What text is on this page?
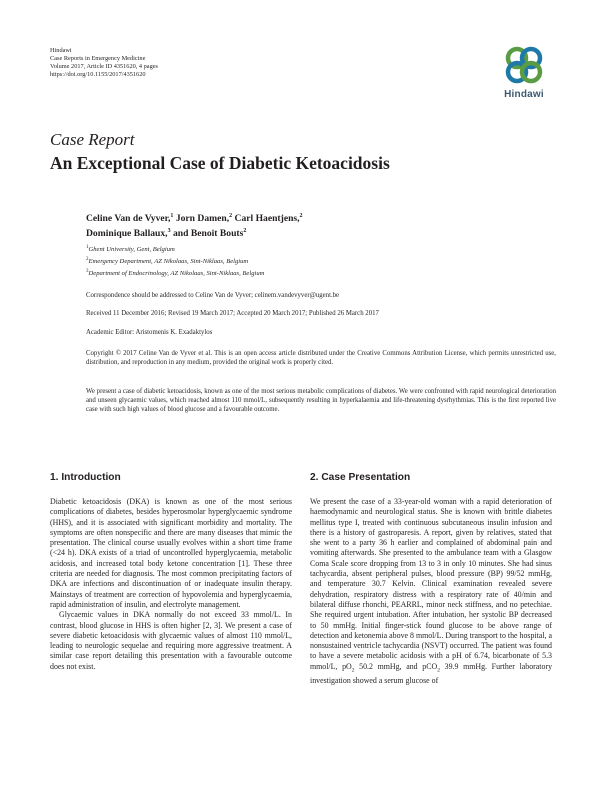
Hindawi
Case Reports in Emergency Medicine
Volume 2017, Article ID 4351620, 4 pages
https://doi.org/10.1155/2017/4351620
Hindawi
Case Report
An Exceptional Case of Diabetic Ketoacidosis
Celine Van de Vyver,$^1$ Jorn Damen,$^2$ Carl Haentjens,$^2$
Dominique Ballaux,$^3$ and Benoit Bouts$^2$
$^1$Ghent University, Gent, Belgium
$^2$Emergency Department, AZ Nikolaas, Sint-Niklaas, Belgium
$^3$Department of Endocrinology, AZ Nikolaas, Sint-Niklaas, Belgium
Correspondence should be addressed to Celine Van de Vyver; celinem.vandevyver@ugent.be
Received 11 December 2016; Revised 19 March 2017; Accepted 20 March 2017; Published 26 March 2017
Academic Editor: Aristomenis K. Exadaktylos
Copyright © 2017 Celine Van de Vyver et al. This is an open access article distributed under the Creative Commons Attribution License, which permits unrestricted use, distribution, and reproduction in any medium, provided the original work is properly cited.
We present a case of diabetic ketoacidosis, known as one of the most serious metabolic complications of diabetes. We were confronted with rapid neurological deterioration and unseen glycaemic values, which reached almost 110 mmol/L, subsequently resulting in hyperkalaemia and life-threatening dysrhythmias. This is the first reported live case with such high values of blood glucose and a favourable outcome.
1. Introduction

Diabetic ketoacidosis (DKA) is known as one of the most serious complications of diabetes, besides hyperosmolar hyperglycaemic syndrome (HHS), and it is associated with significant morbidity and mortality. The symptoms are often nonspecific and there are many diseases that mimic the presentation. The clinical course usually evolves within a short time frame (<24 h). DKA exists of a triad of uncontrolled hyperglycaemia, metabolic acidosis, and increased total body ketone concentration [1]. These three criteria are needed for diagnosis. The most common precipitating factors of DKA are infections and discontinuation of or inadequate insulin therapy. Mainstays of treatment are correction of hypovolemia and hyperglycaemia, rapid administration of insulin, and electrolyte management.

Glycaemic values in DKA normally do not exceed 33 mmol/L. In contrast, blood glucose in HHS is often higher [2, 3]. We present a case of severe diabetic ketoacidosis with glycaemic values of almost 110 mmol/L, leading to neurologic sequelae and requiring more aggressive treatment. A similar case report detailing this presentation with a favourable outcome does not exist.

2. Case Presentation

We present the case of a 33-year-old woman with a rapid deterioration of haemodynamic and neurological status. She is known with brittle diabetes mellitus type I, treated with continuous subcutaneous insulin infusion and there is a history of gastroparesis. A report, given by relatives, stated that she went to a party 36 h earlier and complained of abdominal pain and vomiting afterwards. She presented to the ambulance team with a Glasgow Coma Scale score dropping from 13 to 3 in only 10 minutes. She had sinus tachycardia, absent peripheral pulses, blood pressure (BP) 99/52 mmHg, and temperature 30.7 Kelvin. Clinical examination revealed severe dehydration, respiratory distress with a respiratory rate of 40/min and bilateral diffuse rhonchi, PEARRL, minor neck stiffness, and no petechiae. She required urgent intubation. After intubation, her systolic BP decreased to 50 mmHg. Initial finger-stick found glucose to be above range of detection and ketonemia above 8 mmol/L. During transport to the hospital, a nonsustained ventricle tachycardia (NSVT) occurred. The patient was found to have a severe metabolic acidosis with a pH of 6.74, bicarbonate of 5.3 mmol/L, $pO_2$ 50.2 mmHg, and pCO$_2$ 39.9 mmHg. Further laboratory investigation showed a serum glucose of
